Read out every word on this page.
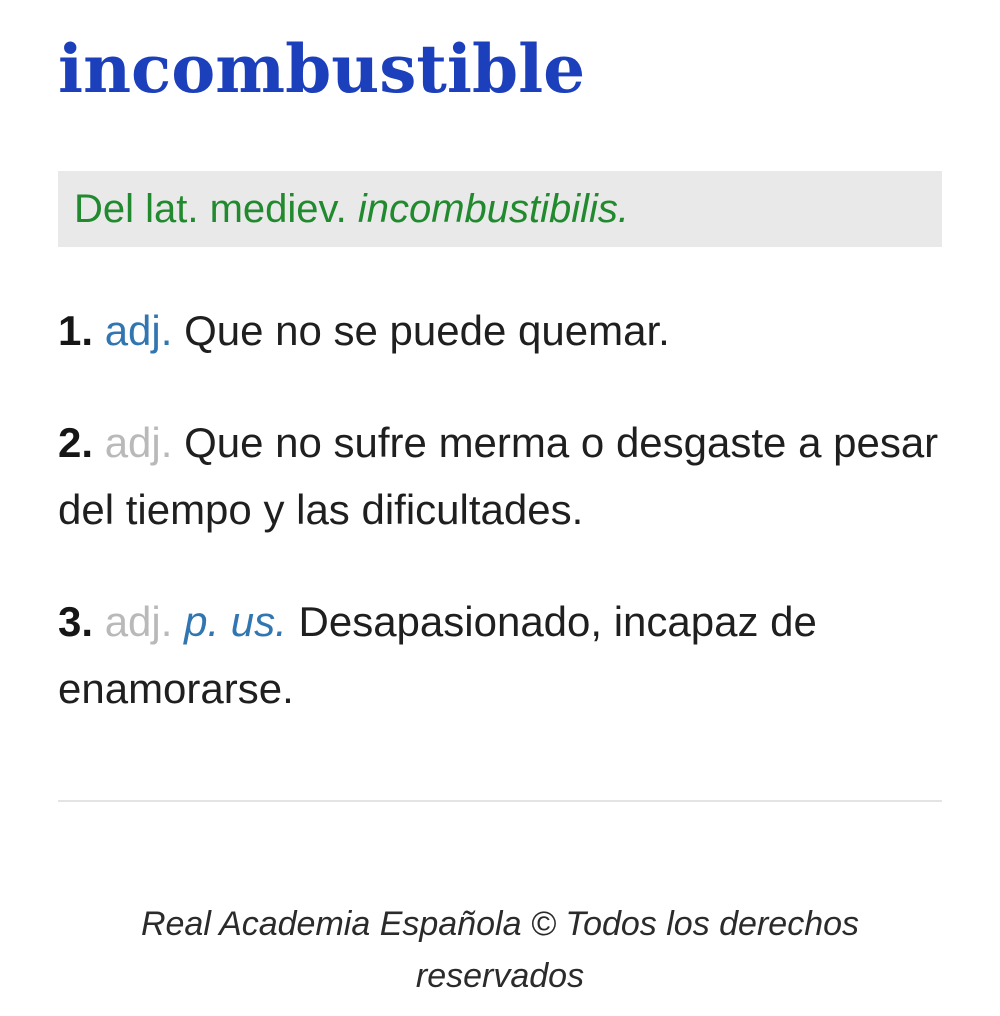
incombustible
Del lat. mediev. incombustibilis.

1. adj. Que no se puede quemar.

2. adj. Que no sufre merma o desgaste a pesar del tiempo y las dificultades.

3. adj. p. us. Desapasionado, incapaz de enamorarse.

Real Academia Española © Todos los derechos reservados
